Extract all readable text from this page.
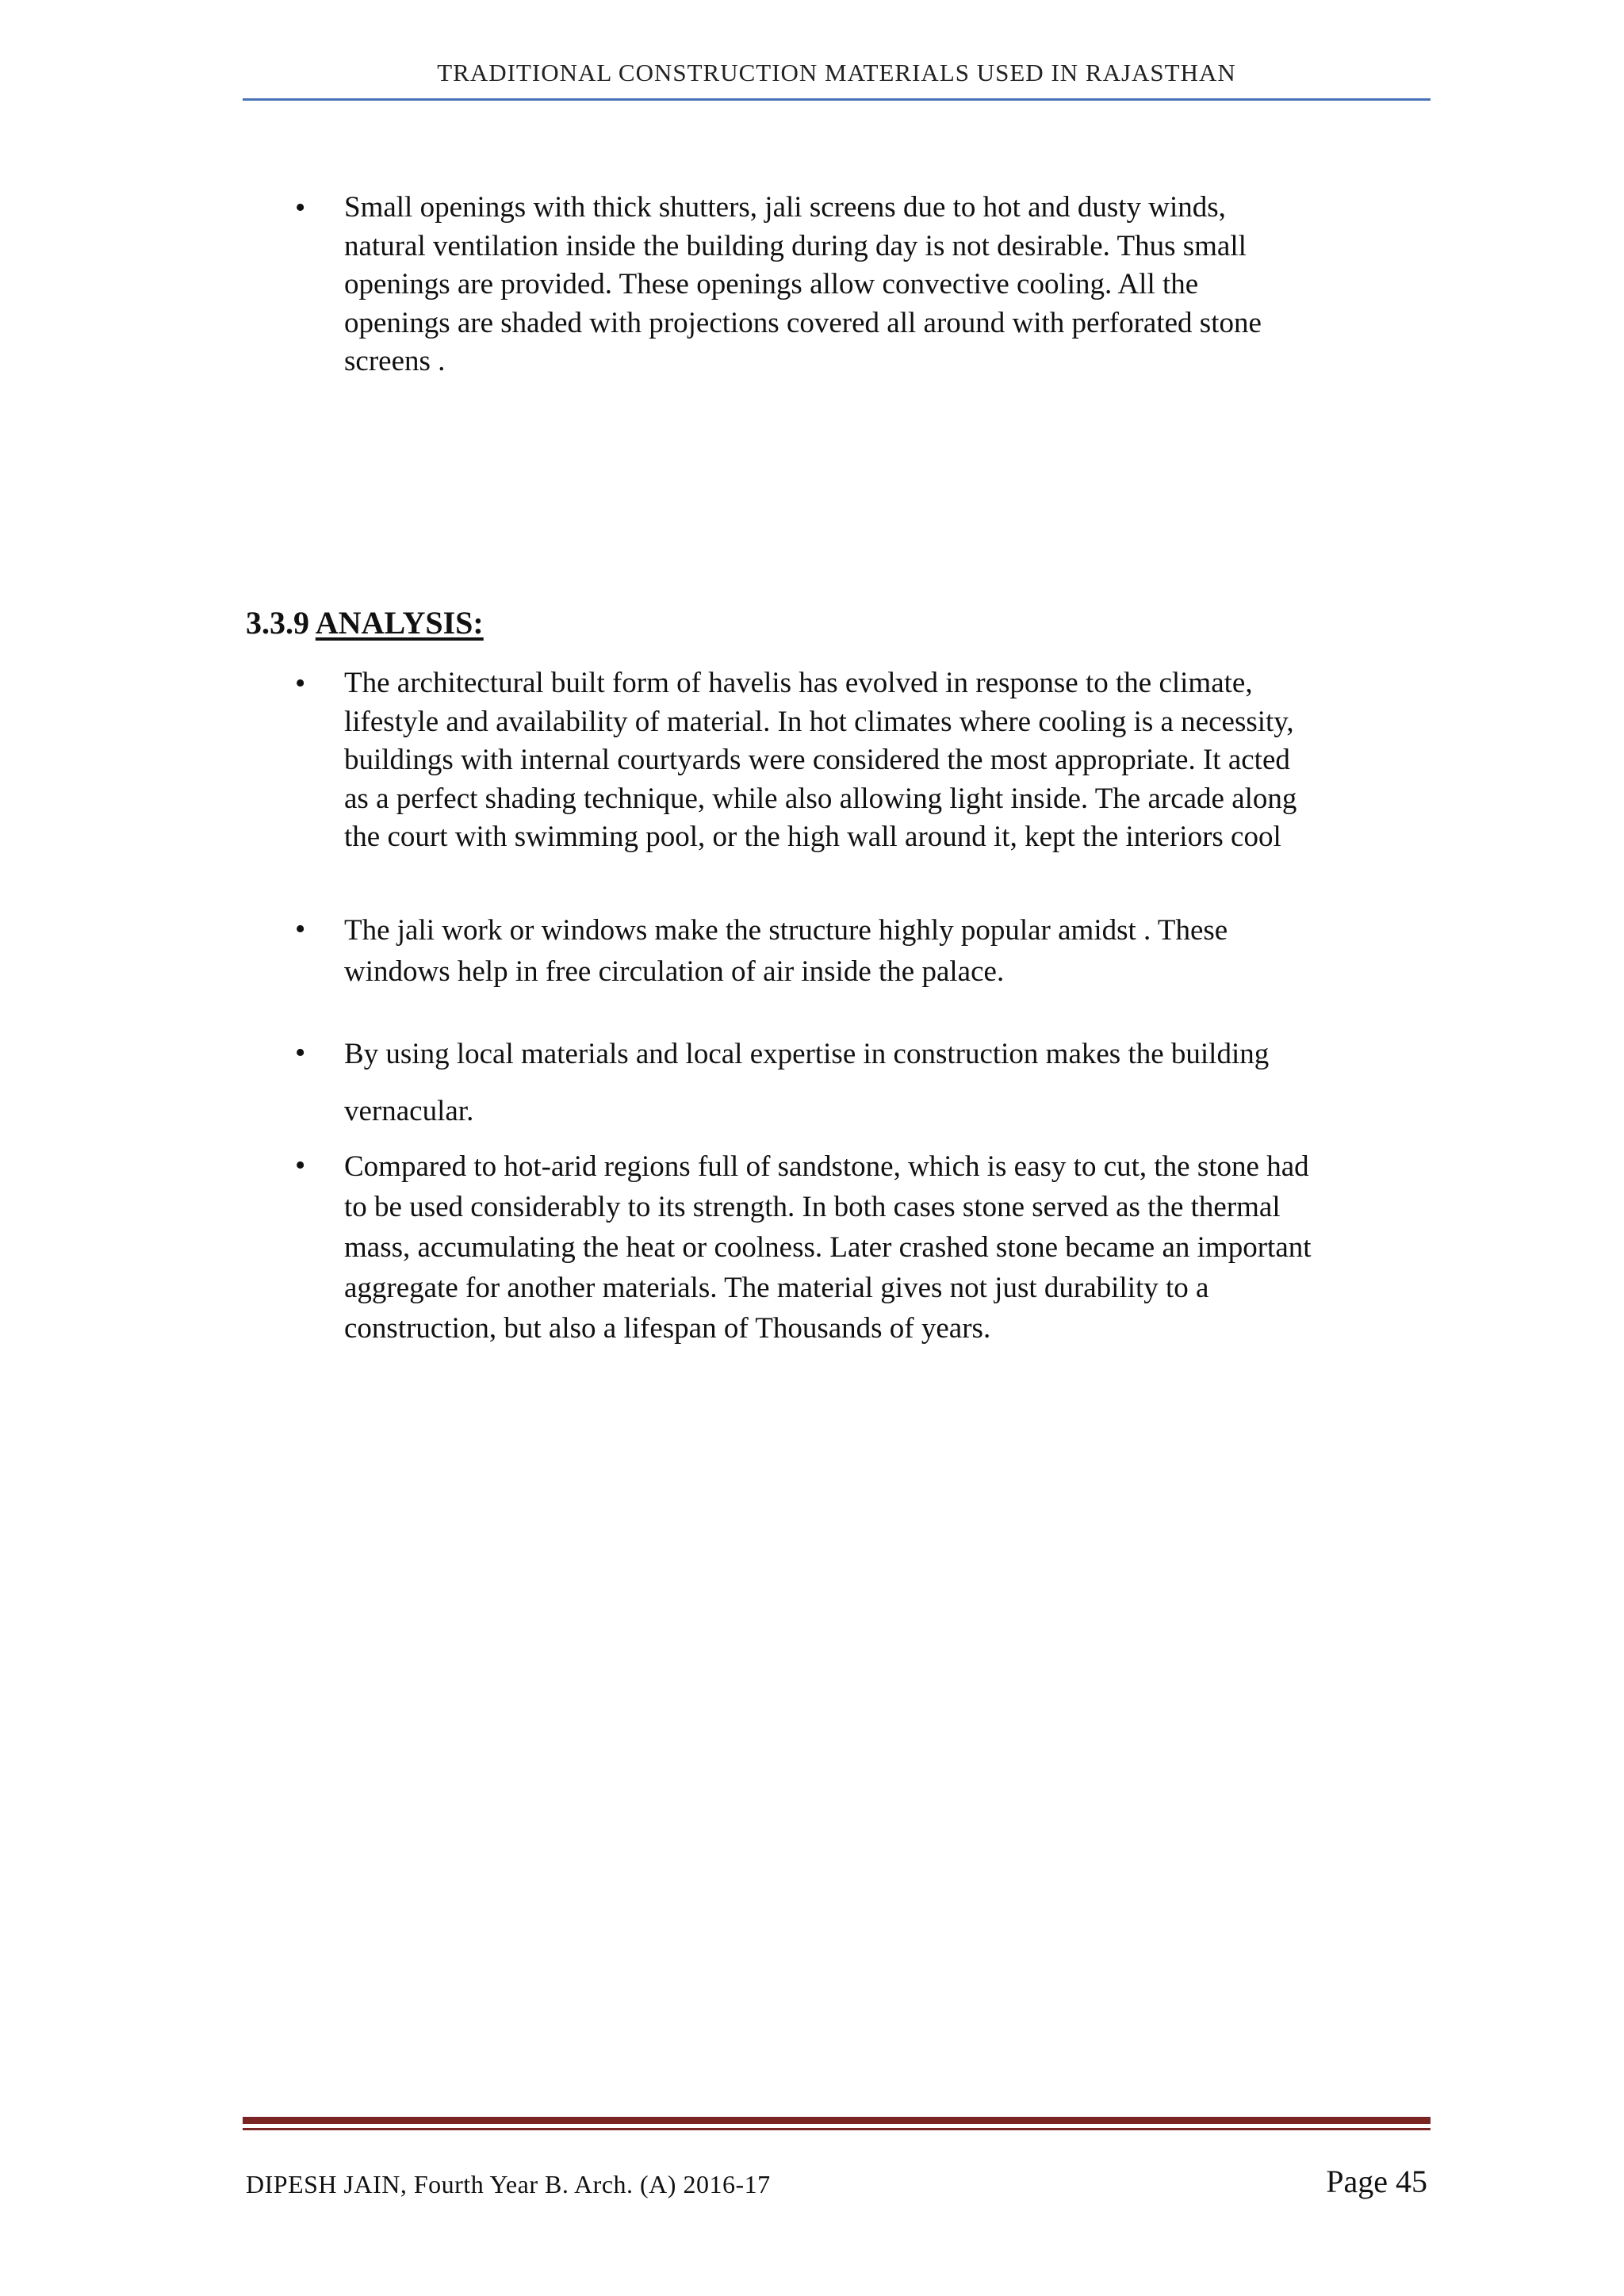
TRADITIONAL CONSTRUCTION MATERIALS USED IN RAJASTHAN
• Small openings with thick shutters, jali screens due to hot and dusty winds,
natural ventilation inside the building during day is not desirable. Thus small
openings are provided. These openings allow convective cooling. All the
openings are shaded with projections covered all around with perforated stone
screens .
3.3.9 ANALYSIS:
• The architectural built form of havelis has evolved in response to the climate,
lifestyle and availability of material. In hot climates where cooling is a necessity,
buildings with internal courtyards were considered the most appropriate. It acted
as a perfect shading technique, while also allowing light inside. The arcade along
the court with swimming pool, or the high wall around it, kept the interiors cool
• The jali work or windows make the structure highly popular amidst . These
windows help in free circulation of air inside the palace.
• By using local materials and local expertise in construction makes the building
vernacular.
• Compared to hot-arid regions full of sandstone, which is easy to cut, the stone had
to be used considerably to its strength. In both cases stone served as the thermal
mass, accumulating the heat or coolness. Later crashed stone became an important
aggregate for another materials. The material gives not just durability to a
construction, but also a lifespan of Thousands of years.
DIPESH JAIN, Fourth Year B. Arch. (A) 2016-17	Page 45
